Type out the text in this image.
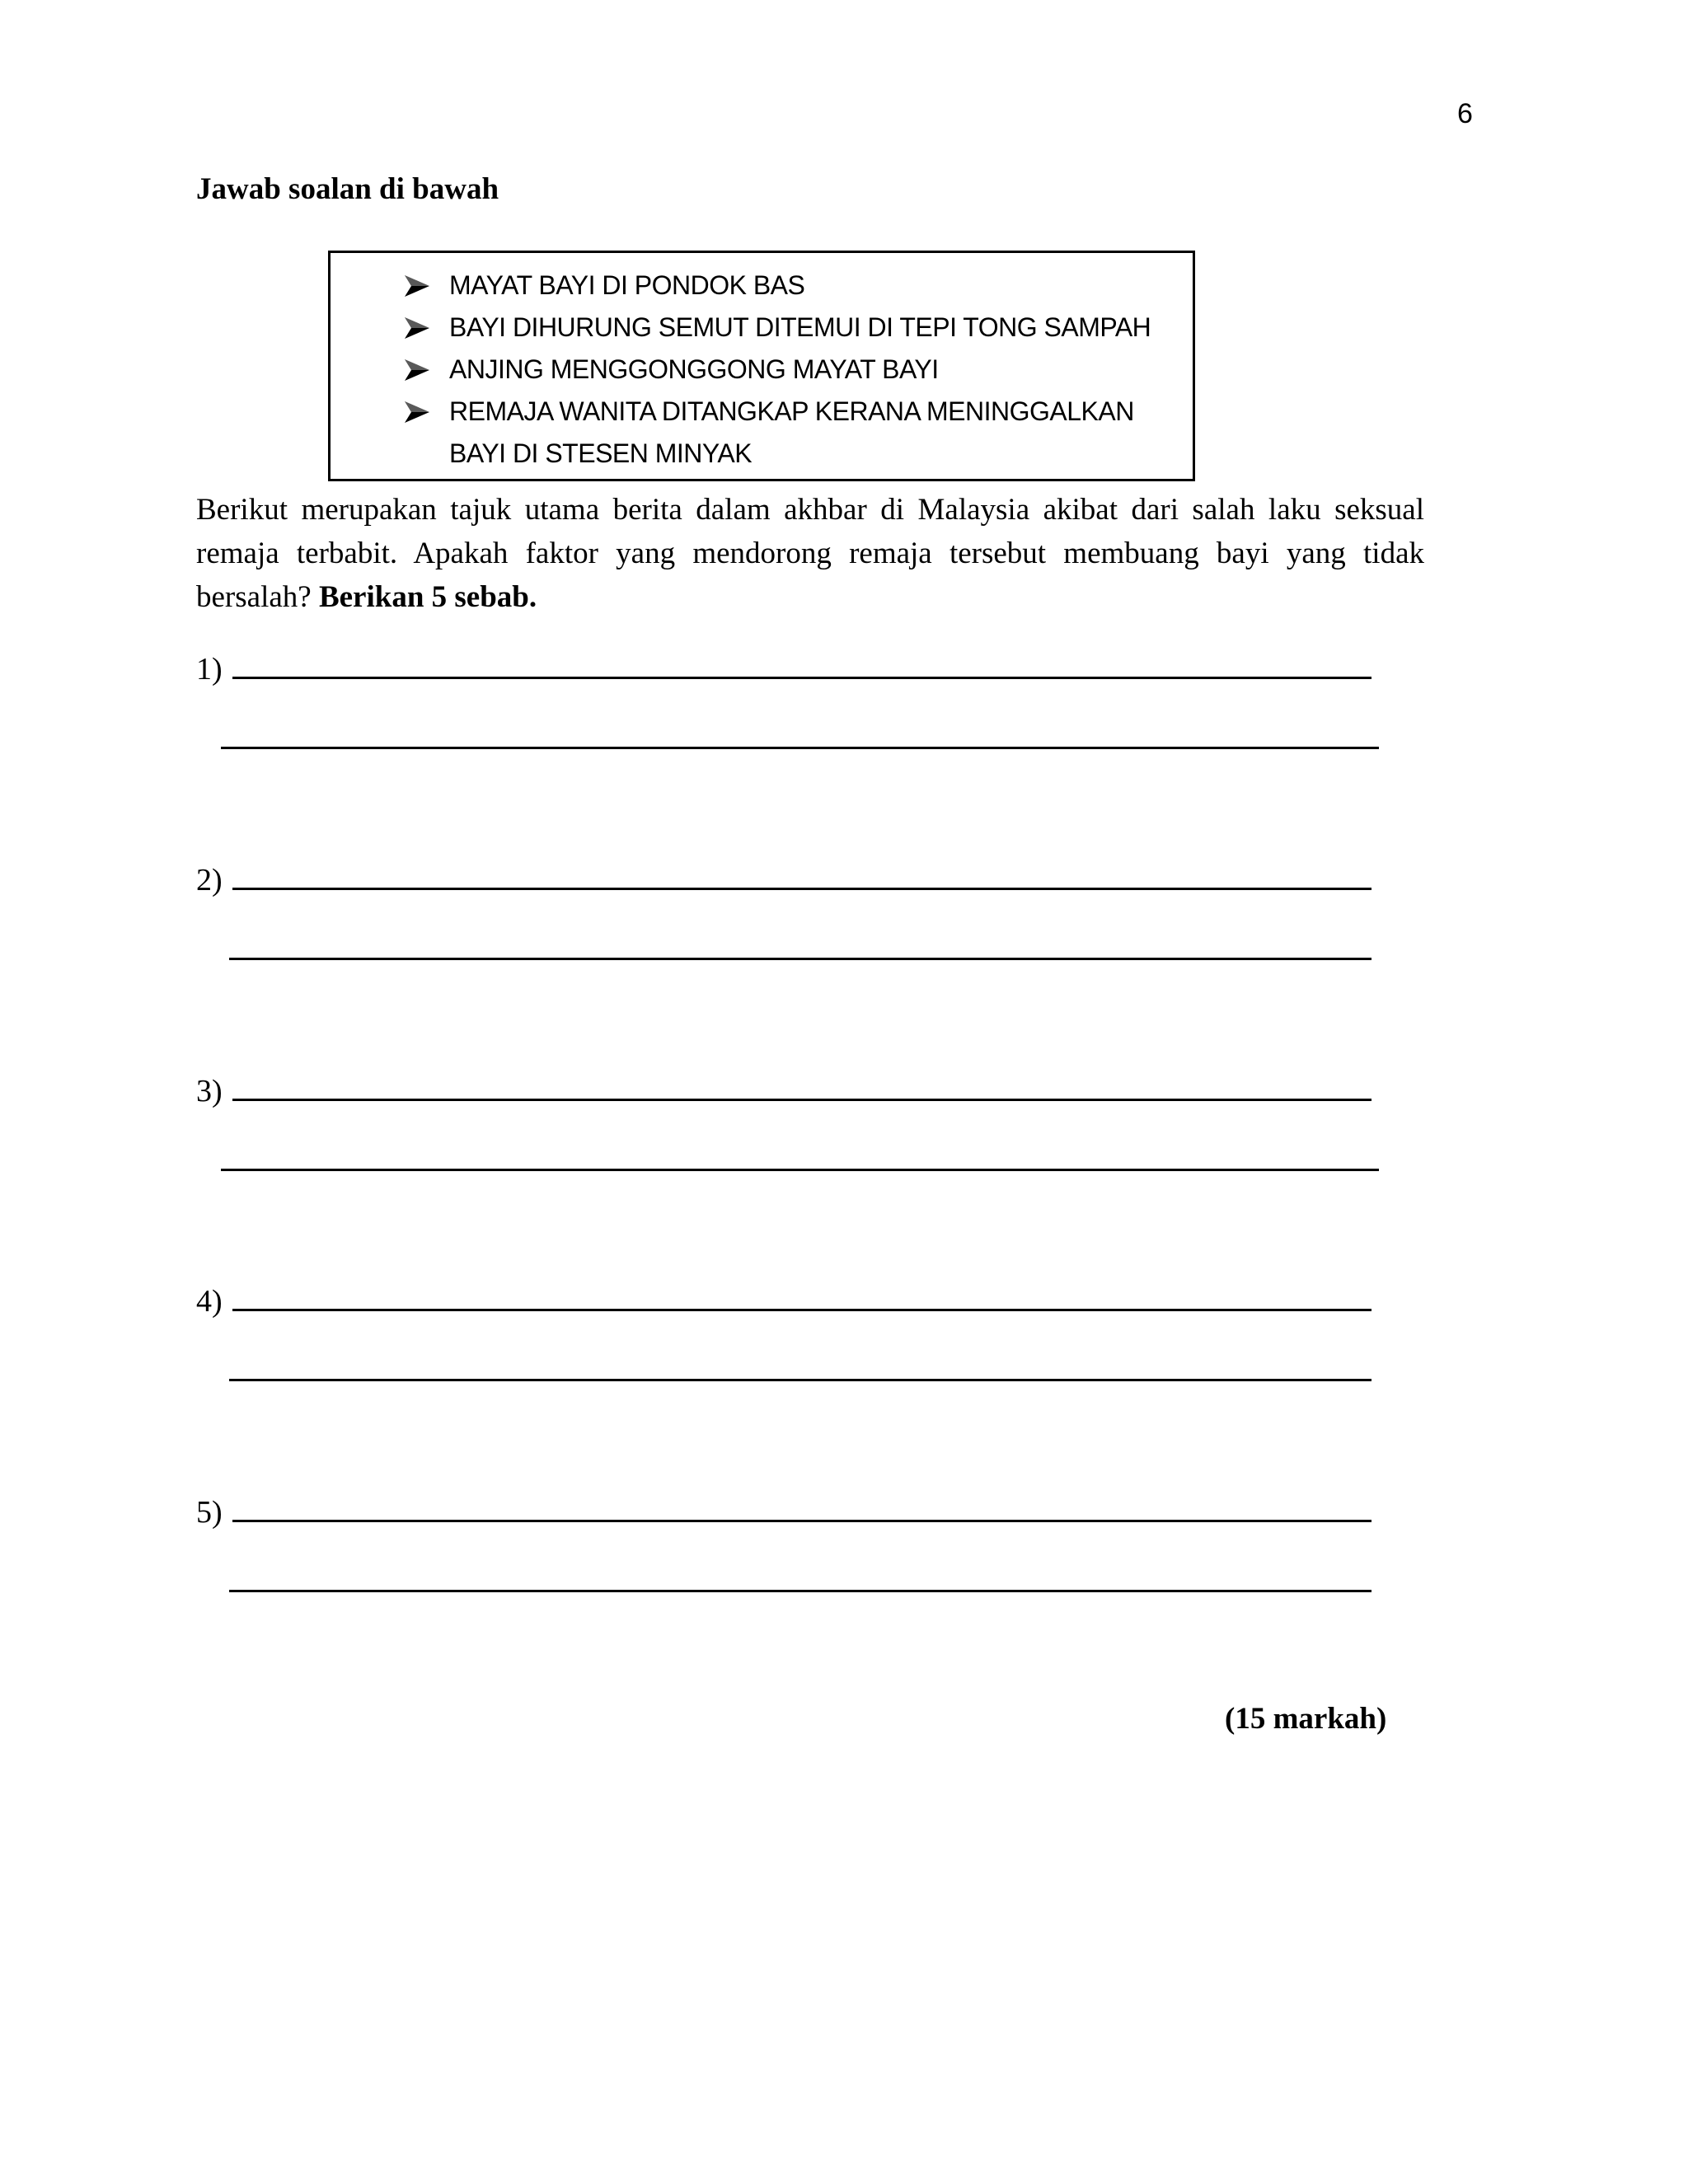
6
Jawab soalan di bawah
MAYAT BAYI DI PONDOK BAS
BAYI DIHURUNG SEMUT DITEMUI DI TEPI TONG SAMPAH
ANJING MENGGONGGONG MAYAT BAYI
REMAJA WANITA DITANGKAP KERANA MENINGGALKAN BAYI DI STESEN MINYAK

Berikut merupakan tajuk utama berita dalam akhbar di Malaysia akibat dari salah laku seksual remaja terbabit. Apakah faktor yang mendorong remaja tersebut membuang bayi yang tidak bersalah? Berikan 5 sebab.

1)
2)
3)
4)
5)
(15 markah)
